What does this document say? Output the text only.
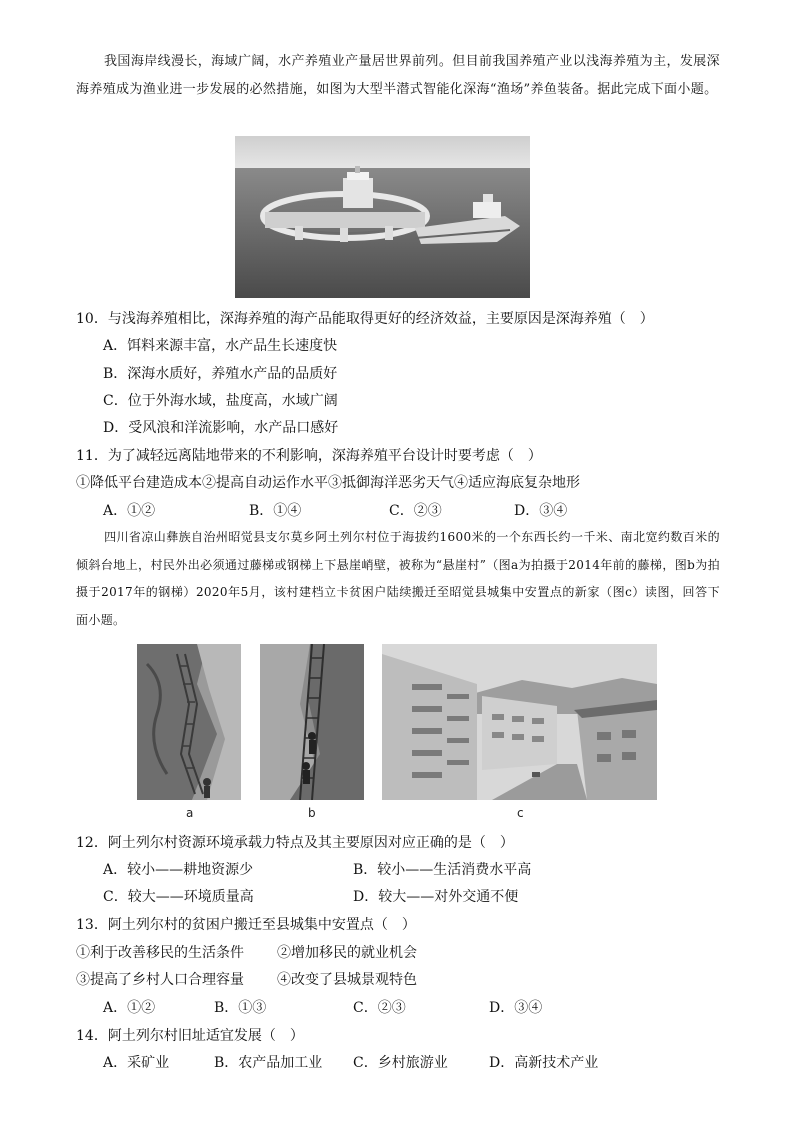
我国海岸线漫长，海域广阔，水产养殖业产量居世界前列。但目前我国养殖产业以浅海养殖为主，发展深海养殖成为渔业进一步发展的必然措施，如图为大型半潜式智能化深海“渔场”养鱼装备。据此完成下面小题。
10．与浅海养殖相比，深海养殖的海产品能取得更好的经济效益，主要原因是深海养殖（　）
A．饵料来源丰富，水产品生长速度快
B．深海水质好，养殖水产品的品质好
C．位于外海水域，盐度高，水域广阔
D．受风浪和洋流影响，水产品口感好
11．为了减轻远离陆地带来的不利影响，深海养殖平台设计时要考虑（　）
①降低平台建造成本②提高自动运作水平③抵御海洋恶劣天气④适应海底复杂地形
A．①②	B．①④	C．②③	D．③④
四川省凉山彝族自治州昭觉县支尔莫乡阿土列尔村位于海拔约1600米的一个东西长约一千米、南北宽约数百米的倾斜台地上，村民外出必须通过藤梯或钢梯上下悬崖峭壁，被称为“悬崖村”（图a为拍摄于2014年前的藤梯，图b为拍摄于2017年的钢梯）2020年5月，该村建档立卡贫困户陆续搬迁至昭觉县城集中安置点的新家（图c）读图，回答下面小题。
a	b	c
12．阿土列尔村资源环境承载力特点及其主要原因对应正确的是（　）
A．较小——耕地资源少	B．较小——生活消费水平高
C．较大——环境质量高	D．较大——对外交通不便
13．阿土列尔村的贫困户搬迁至县城集中安置点（　）
①利于改善移民的生活条件 ②增加移民的就业机会
③提高了乡村人口合理容量 ④改变了县城景观特色
A．①②	B．①③	C．②③	D．③④
14．阿土列尔村旧址适宜发展（　）
A．采矿业	B．农产品加工业 C．乡村旅游业	D．高新技术产业
